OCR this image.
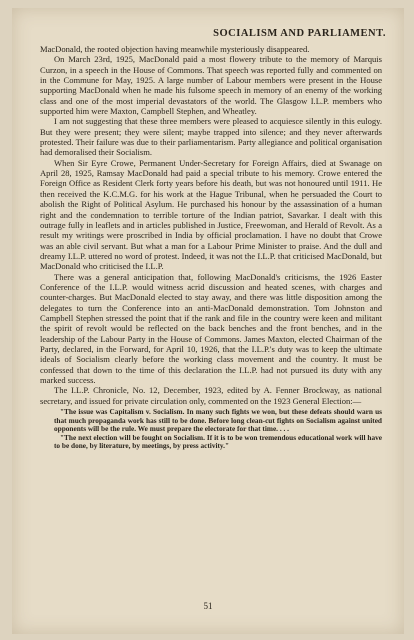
SOCIALISM AND PARLIAMENT.

MacDonald, the rooted objection having meanwhile mysteriously disappeared.

On March 23rd, 1925, MacDonald paid a most flowery tribute to the memory of Marquis Curzon, in a speech in the House of Commons. That speech was reported fully and commented on in the Commune for May, 1925. A large number of Labour members were present in the House supporting MacDonald when he made his fulsome speech in memory of an enemy of the working class and one of the most imperial devastators of the world. The Glasgow I.L.P. members who supported him were Maxton, Campbell Stephen, and Wheatley.

I am not suggesting that these three members were pleased to acquiesce silently in this eulogy. But they were present; they were silent; maybe trapped into silence; and they never afterwards protested. Their failure was due to their parliamentarism. Party allegiance and political organisation had demoralised their Socialism.

When Sir Eyre Crowe, Permanent Under-Secretary for Foreign Affairs, died at Swanage on April 28, 1925, Ramsay MacDonald had paid a special tribute to his memory. Crowe entered the Foreign Office as Resident Clerk forty years before his death, but was not honoured until 1911. He then received the K.C.M.G. for his work at the Hague Tribunal, when he persuaded the Court to abolish the Right of Political Asylum. He purchased his honour by the assassination of a human right and the condemnation to terrible torture of the Indian patriot, Savarkar. I dealt with this outrage fully in leaflets and in articles published in Justice, Freewoman, and Herald of Revolt. As a result my writings were proscribed in India by official proclamation. I have no doubt that Crowe was an able civil servant. But what a man for a Labour Prime Minister to praise. And the dull and dreamy I.L.P. uttered no word of protest. Indeed, it was not the I.L.P. that criticised MacDonald, but MacDonald who criticised the I.L.P.

There was a general anticipation that, following MacDonald's criticisms, the 1926 Easter Conference of the I.L.P. would witness acrid discussion and heated scenes, with charges and counter-charges. But MacDonald elected to stay away, and there was little disposition among the delegates to turn the Conference into an anti-MacDonald demonstration. Tom Johnston and Campbell Stephen stressed the point that if the rank and file in the country were keen and militant the spirit of revolt would be reflected on the back benches and the front benches, and in the leadership of the Labour Party in the House of Commons. James Maxton, elected Chairman of the Party, declared, in the Forward, for April 10, 1926, that the I.L.P.'s duty was to keep the ultimate ideals of Socialism clearly before the working class movement and the country. It must be confessed that down to the time of this declaration the I.L.P. had not pursued its duty with any marked success.

The I.L.P. Chronicle, No. 12, December, 1923, edited by A. Fenner Brockway, as national secretary, and issued for private circulation only, commented on the 1923 General Election:—

"The issue was Capitalism v. Socialism. In many such fights we won, but these defeats should warn us that much propaganda work has still to be done. Before long clean-cut fights on Socialism against united opponents will be the rule. We must prepare the electorate for that time. . . .

"The next election will be fought on Socialism. If it is to be won tremendous educational work will have to be done, by literature, by meetings, by press activity."

51
